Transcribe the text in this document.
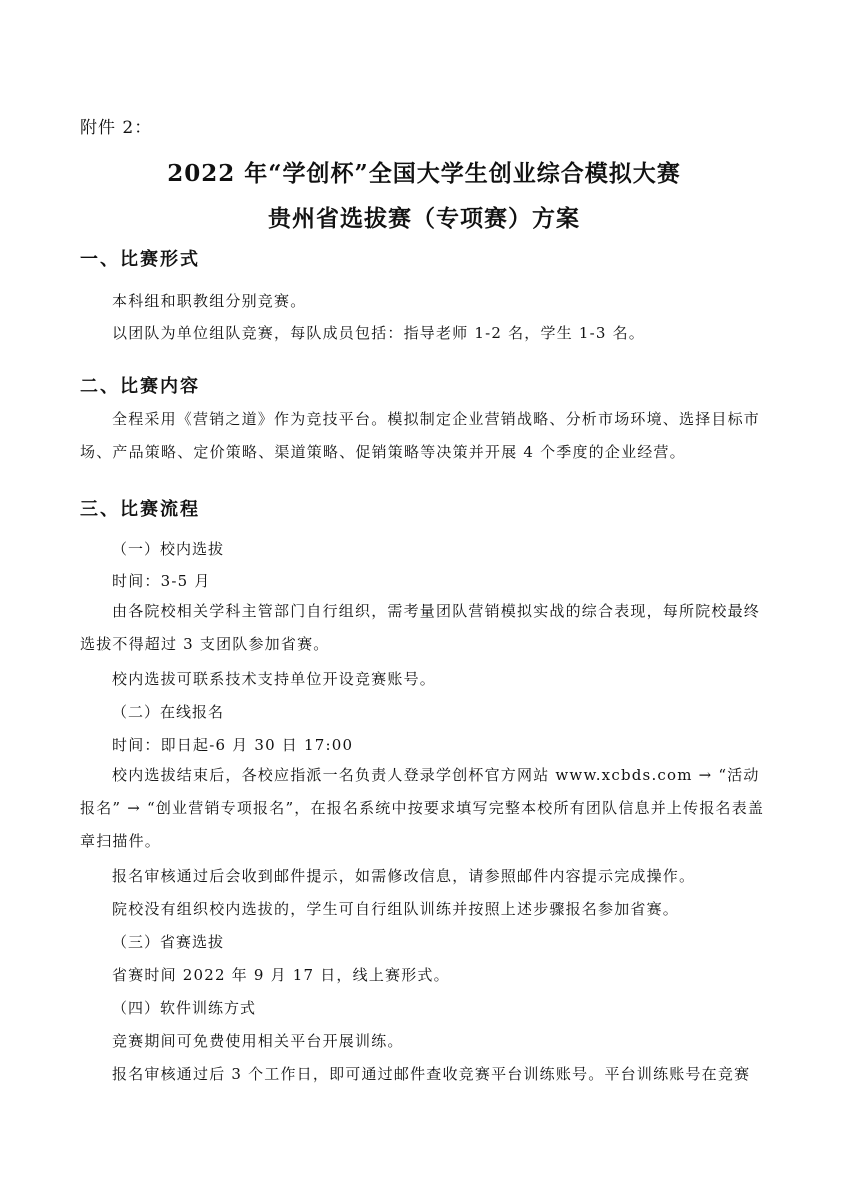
附件 2：
2022 年“学创杯”全国大学生创业综合模拟大赛
贵州省选拔赛（专项赛）方案
一、比赛形式
本科组和职教组分别竞赛。
以团队为单位组队竞赛，每队成员包括：指导老师 1-2 名，学生 1-3 名。
二、比赛内容
全程采用《营销之道》作为竞技平台。模拟制定企业营销战略、分析市场环境、选择目标市场、产品策略、定价策略、渠道策略、促销策略等决策并开展 4 个季度的企业经营。
三、比赛流程
（一）校内选拔
时间：3-5 月
由各院校相关学科主管部门自行组织，需考量团队营销模拟实战的综合表现，每所院校最终选拔不得超过 3 支团队参加省赛。
校内选拔可联系技术支持单位开设竞赛账号。
（二）在线报名
时间：即日起-6 月 30 日 17:00
校内选拔结束后，各校应指派一名负责人登录学创杯官方网站 www.xcbds.com → “活动报名” → “创业营销专项报名”，在报名系统中按要求填写完整本校所有团队信息并上传报名表盖章扫描件。
报名审核通过后会收到邮件提示，如需修改信息，请参照邮件内容提示完成操作。
院校没有组织校内选拔的，学生可自行组队训练并按照上述步骤报名参加省赛。
（三）省赛选拔
省赛时间 2022 年 9 月 17 日，线上赛形式。
（四）软件训练方式
竞赛期间可免费使用相关平台开展训练。
报名审核通过后 3 个工作日，即可通过邮件查收竞赛平台训练账号。平台训练账号在竞赛
